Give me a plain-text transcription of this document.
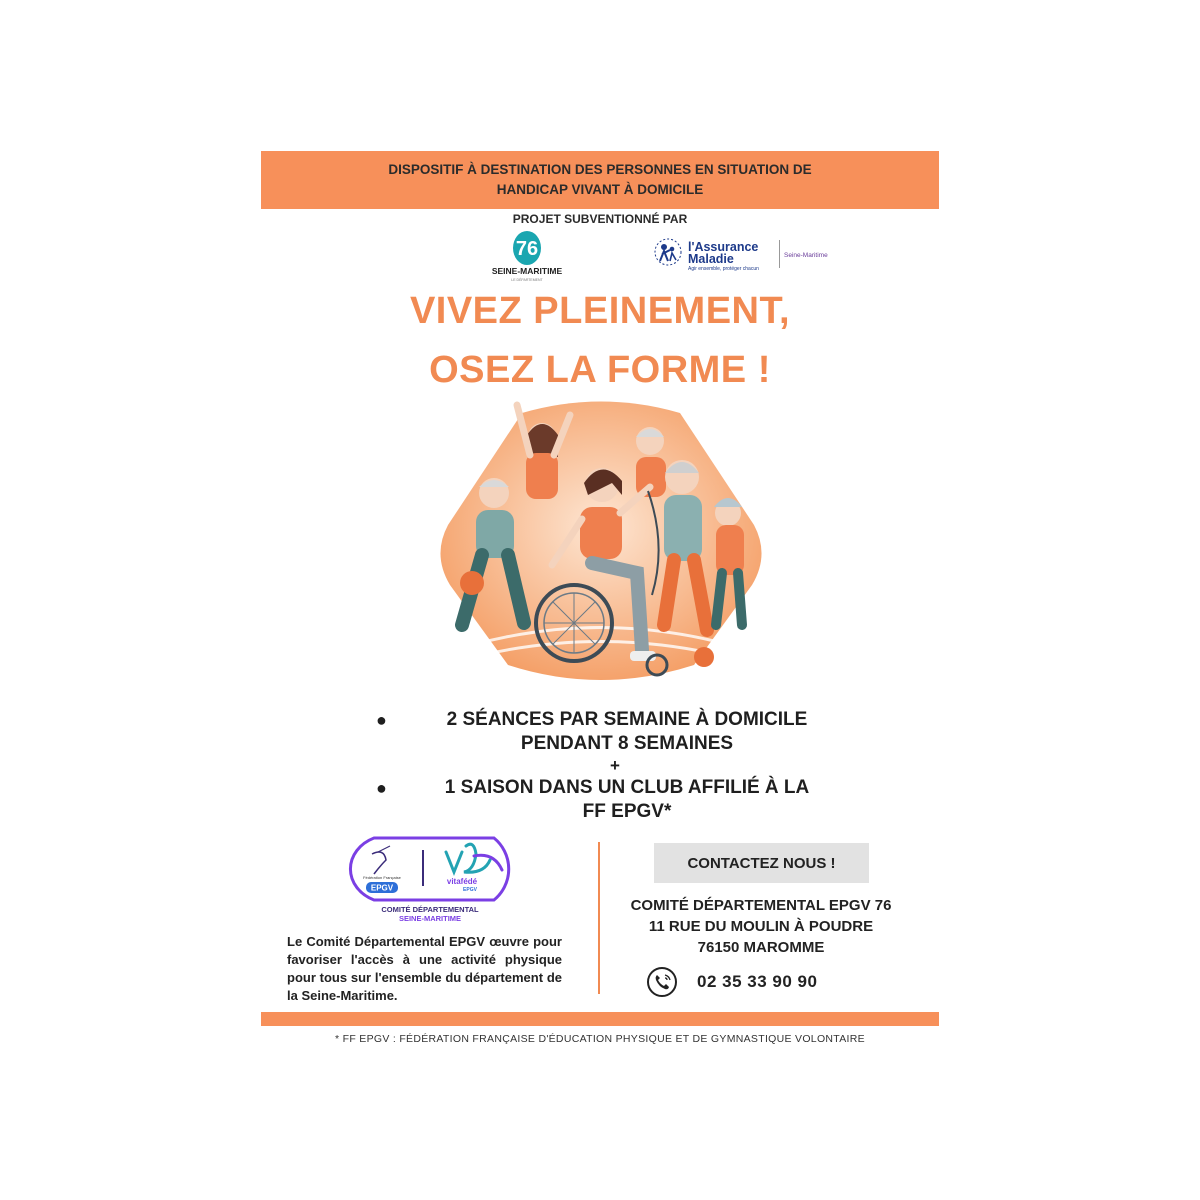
DISPOSITIF À DESTINATION DES PERSONNES EN SITUATION DE
HANDICAP VIVANT À DOMICILE
PROJET SUBVENTIONNÉ PAR
76
SEINE-MARITIME
LE DÉPARTEMENT
l'Assurance
Maladie
Agir ensemble, protéger chacun
Seine-Maritime
VIVEZ PLEINEMENT,
OSEZ LA FORME !
●	2 SÉANCES PAR SEMAINE À DOMICILE
PENDANT 8 SEMAINES
+
●	1 SAISON DANS UN CLUB AFFILIÉ À LA
FF EPGV*
Fédération Française
EPGV
vitafédé
EPGV
COMITÉ DÉPARTEMENTAL
SEINE-MARITIME
Le Comité Départemental EPGV œuvre pour favoriser l'accès à une activité physique pour tous sur l'ensemble du département de la Seine-Maritime.
CONTACTEZ NOUS !
COMITÉ DÉPARTEMENTAL EPGV 76
11 RUE DU MOULIN À POUDRE
76150 MAROMME
02 35 33 90 90
* FF EPGV : FÉDÉRATION FRANÇAISE D'ÉDUCATION PHYSIQUE ET DE GYMNASTIQUE VOLONTAIRE
